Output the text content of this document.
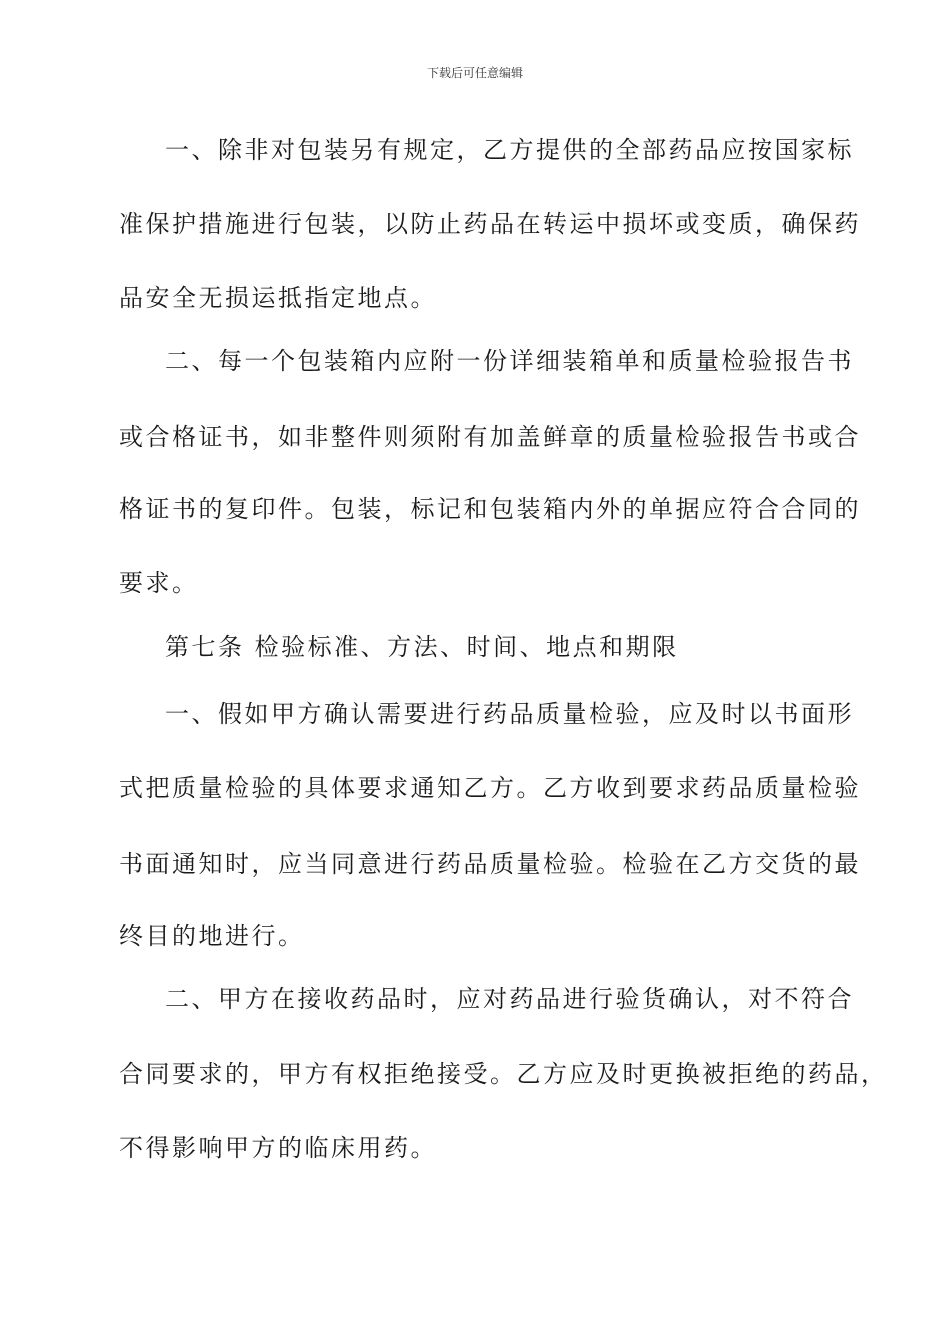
下载后可任意编辑
一、除非对包装另有规定，乙方提供的全部药品应按国家标
准保护措施进行包装，以防止药品在转运中损坏或变质，确保药
品安全无损运抵指定地点。
二、每一个包装箱内应附一份详细装箱单和质量检验报告书
或合格证书，如非整件则须附有加盖鲜章的质量检验报告书或合
格证书的复印件。包装，标记和包装箱内外的单据应符合合同的
要求。
第七条 检验标准、方法、时间、地点和期限
一、假如甲方确认需要进行药品质量检验，应及时以书面形
式把质量检验的具体要求通知乙方。乙方收到要求药品质量检验
书面通知时，应当同意进行药品质量检验。检验在乙方交货的最
终目的地进行。
二、甲方在接收药品时，应对药品进行验货确认，对不符合
合同要求的，甲方有权拒绝接受。乙方应及时更换被拒绝的药品，
不得影响甲方的临床用药。
